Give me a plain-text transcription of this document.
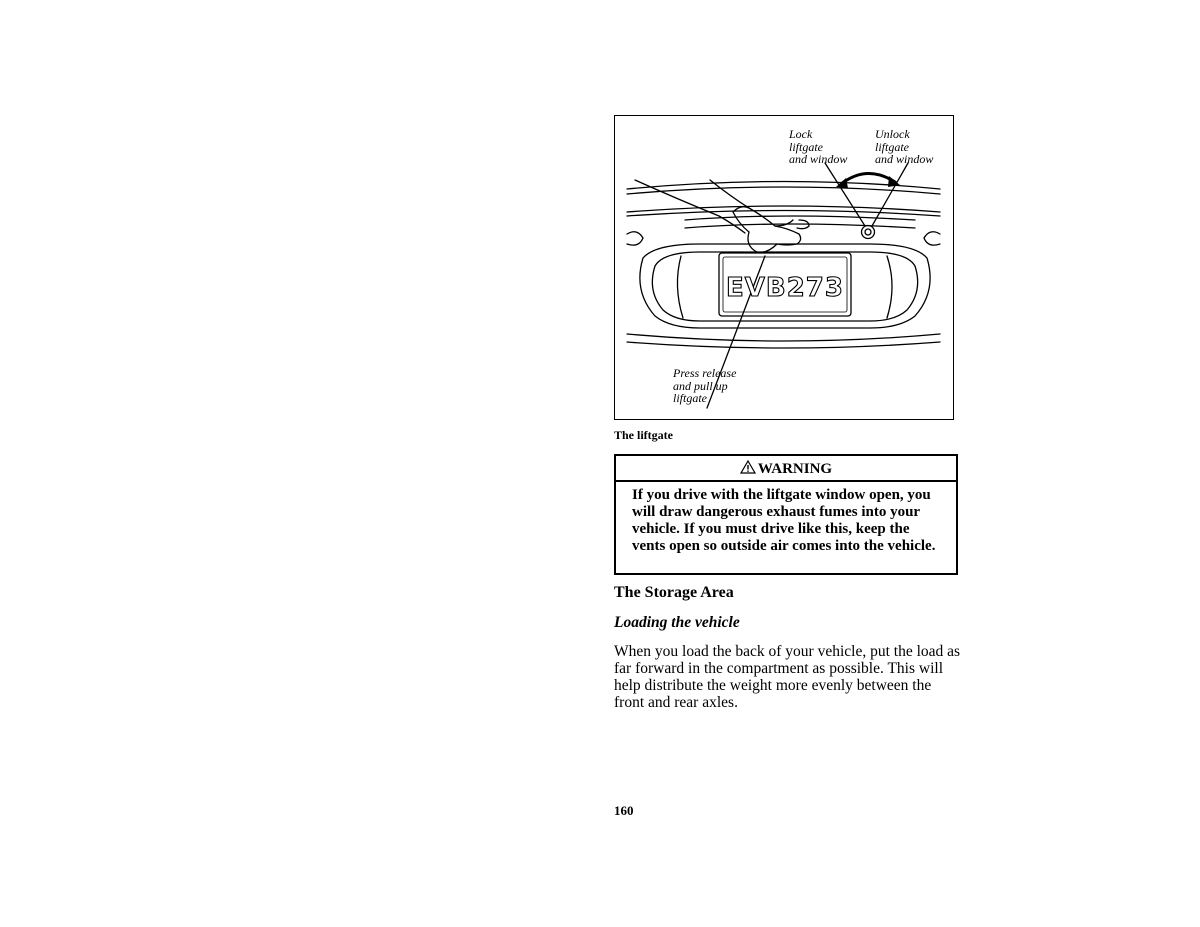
EVB273
Lock
liftgate
and window
Unlock
liftgate
and window
Press release
and pull up
liftgate
The liftgate
WARNING
If you drive with the liftgate window open, you will draw dangerous exhaust fumes into your vehicle. If you must drive like this, keep the vents open so outside air comes into the vehicle.
The Storage Area
Loading the vehicle
When you load the back of your vehicle, put the load as far forward in the compartment as possible. This will help distribute the weight more evenly between the front and rear axles.
160
